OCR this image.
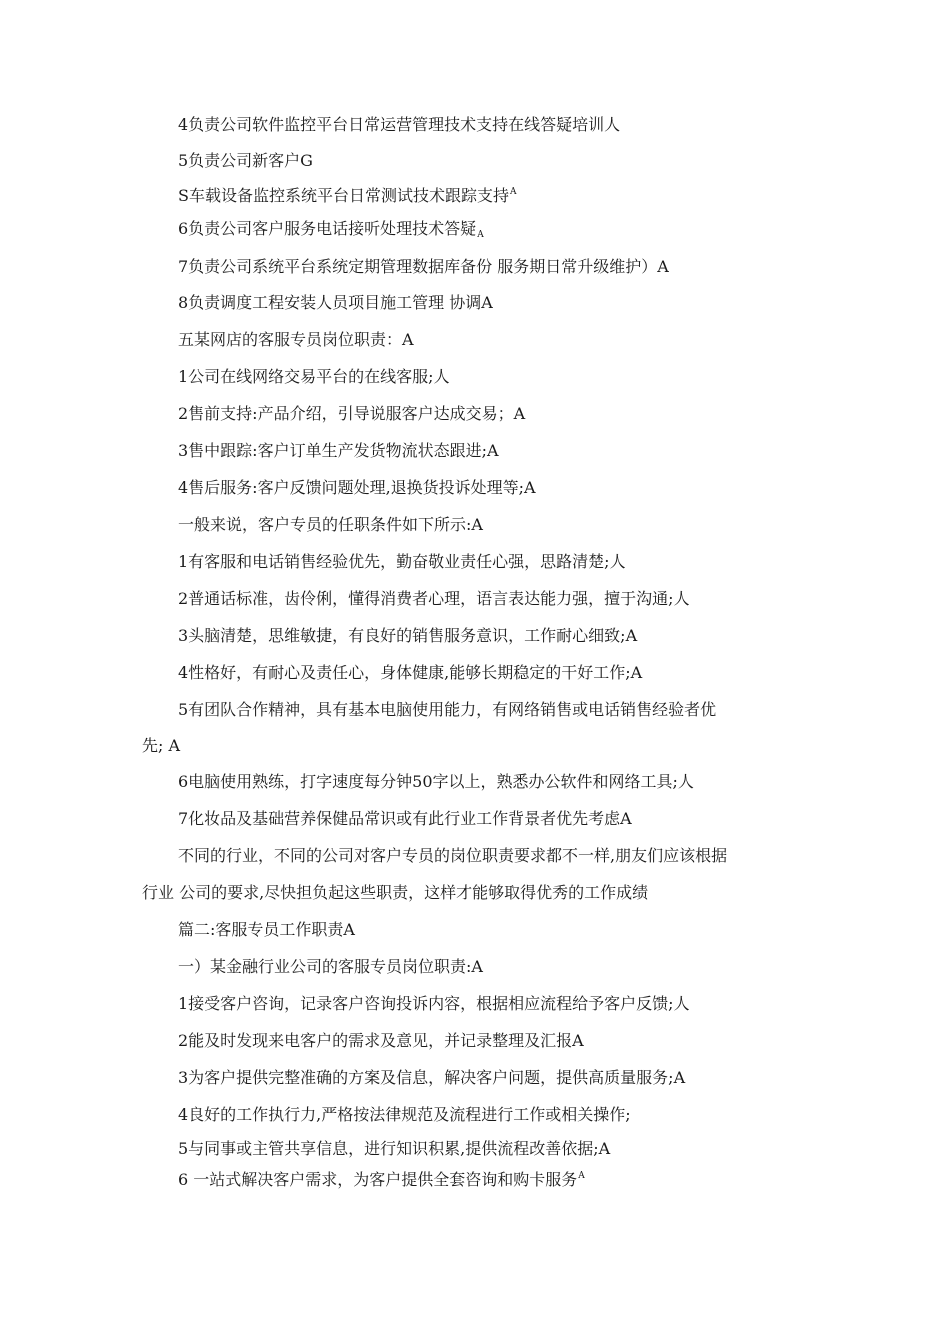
4负责公司软件监控平台日常运营管理技术支持在线答疑培训人
5负责公司新客户G
S车载设备监控系统平台日常测试技术跟踪支持$^A$
6负责公司客户服务电话接听处理技术答疑$_A$
7负责公司系统平台系统定期管理数据库备份 服务期日常升级维护）A
8负责调度工程安装人员项目施工管理 协调A
五某网店的客服专员岗位职责：A
1公司在线网络交易平台的在线客服;人
2售前支持:产品介绍，引导说服客户达成交易；A
3售中跟踪:客户订单生产发货物流状态跟进;A
4售后服务:客户反馈问题处理,退换货投诉处理等;A
一般来说，客户专员的任职条件如下所示:A
1有客服和电话销售经验优先，勤奋敬业责任心强，思路清楚;人
2普通话标准，齿伶俐，懂得消费者心理，语言表达能力强，擅于沟通;人
3头脑清楚，思维敏捷，有良好的销售服务意识，工作耐心细致;A
4性格好，有耐心及责任心，身体健康,能够长期稳定的干好工作;A
5有团队合作精神，具有基本电脑使用能力，有网络销售或电话销售经验者优
先; A
6电脑使用熟练，打字速度每分钟50字以上，熟悉办公软件和网络工具;人
7化妆品及基础营养保健品常识或有此行业工作背景者优先考虑A
不同的行业，不同的公司对客户专员的岗位职责要求都不一样,朋友们应该根据
行业 公司的要求,尽快担负起这些职责，这样才能够取得优秀的工作成绩
篇二:客服专员工作职责A
一）某金融行业公司的客服专员岗位职责:A
1接受客户咨询，记录客户咨询投诉内容，根据相应流程给予客户反馈;人
2能及时发现来电客户的需求及意见，并记录整理及汇报A
3为客户提供完整准确的方案及信息，解决客户问题，提供高质量服务;A
4良好的工作执行力,严格按法律规范及流程进行工作或相关操作;
5与同事或主管共享信息，进行知识积累,提供流程改善依据;A
6 一站式解决客户需求，为客户提供全套咨询和购卡服务$^A$
